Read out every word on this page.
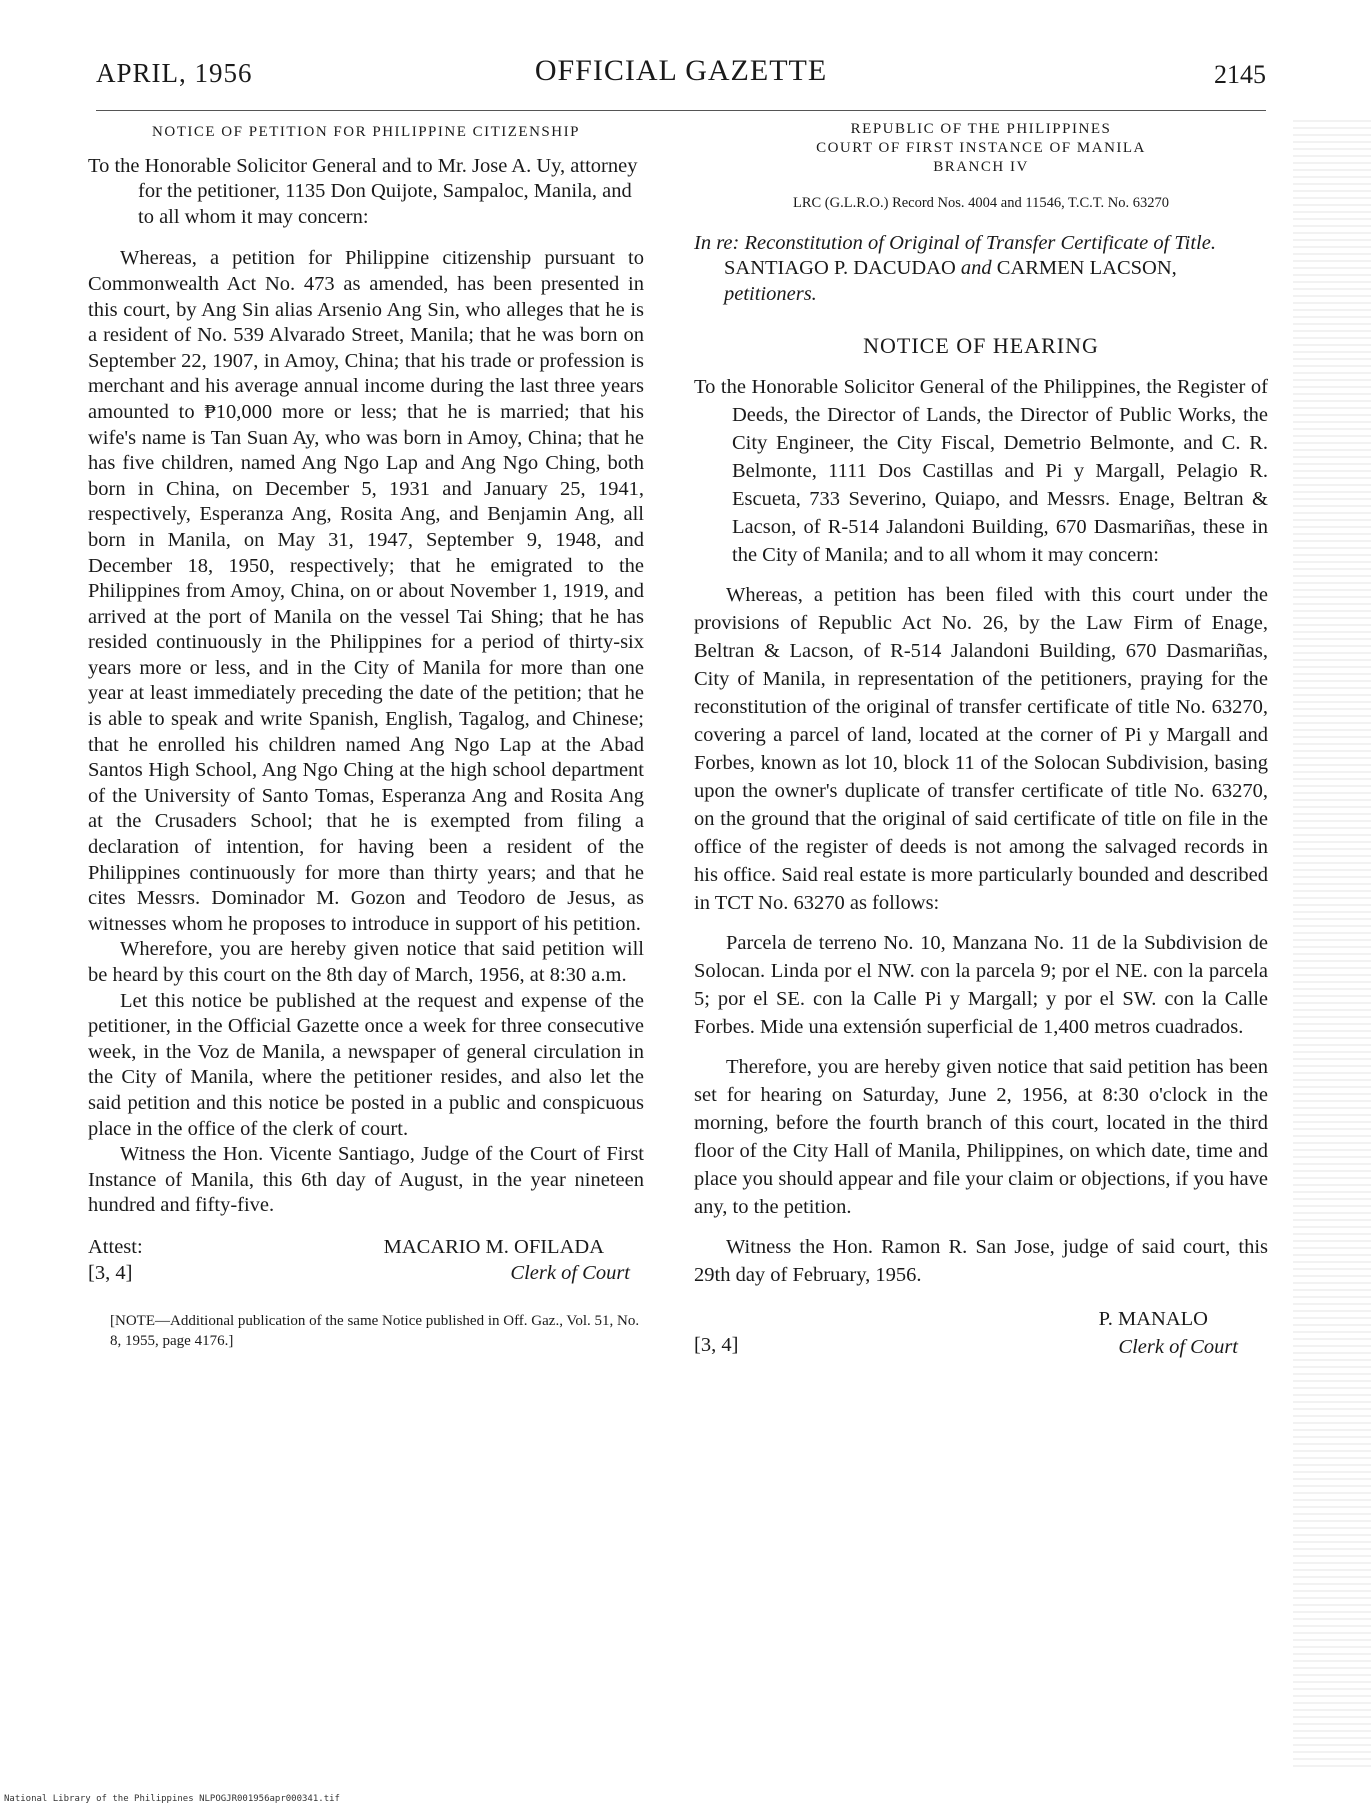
APRIL, 1956	OFFICIAL GAZETTE	2145
NOTICE OF PETITION FOR PHILIPPINE CITIZENSHIP

To the Honorable Solicitor General and to Mr. Jose A. Uy, attorney for the petitioner, 1135 Don Quijote, Sampaloc, Manila, and to all whom it may concern:

Whereas, a petition for Philippine citizenship pursuant to Commonwealth Act No. 473 as amended, has been presented in this court, by Ang Sin alias Arsenio Ang Sin, who alleges that he is a resident of No. 539 Alvarado Street, Manila; that he was born on September 22, 1907, in Amoy, China; that his trade or profession is merchant and his average annual income during the last three years amounted to ₱10,000 more or less; that he is married; that his wife's name is Tan Suan Ay, who was born in Amoy, China; that he has five children, named Ang Ngo Lap and Ang Ngo Ching, both born in China, on December 5, 1931 and January 25, 1941, respectively, Esperanza Ang, Rosita Ang, and Benjamin Ang, all born in Manila, on May 31, 1947, September 9, 1948, and December 18, 1950, respectively; that he emigrated to the Philippines from Amoy, China, on or about November 1, 1919, and arrived at the port of Manila on the vessel Tai Shing; that he has resided continuously in the Philippines for a period of thirty-six years more or less, and in the City of Manila for more than one year at least immediately preceding the date of the petition; that he is able to speak and write Spanish, English, Tagalog, and Chinese; that he enrolled his children named Ang Ngo Lap at the Abad Santos High School, Ang Ngo Ching at the high school department of the University of Santo Tomas, Esperanza Ang and Rosita Ang at the Crusaders School; that he is exempted from filing a declaration of intention, for having been a resident of the Philippines continuously for more than thirty years; and that he cites Messrs. Dominador M. Gozon and Teodoro de Jesus, as witnesses whom he proposes to introduce in support of his petition.

Wherefore, you are hereby given notice that said petition will be heard by this court on the 8th day of March, 1956, at 8:30 a.m.

Let this notice be published at the request and expense of the petitioner, in the Official Gazette once a week for three consecutive week, in the Voz de Manila, a newspaper of general circulation in the City of Manila, where the petitioner resides, and also let the said petition and this notice be posted in a public and conspicuous place in the office of the clerk of court.

Witness the Hon. Vicente Santiago, Judge of the Court of First Instance of Manila, this 6th day of August, in the year nineteen hundred and fifty-five.

Attest:
[3, 4]
MACARIO M. OFILADA
Clerk of Court

[NOTE—Additional publication of the same Notice published in Off. Gaz., Vol. 51, No. 8, 1955, page 4176.]

REPUBLIC OF THE PHILIPPINES
COURT OF FIRST INSTANCE OF MANILA
BRANCH IV

LRC (G.L.R.O.) Record Nos. 4004 and 11546, T.C.T. No. 63270

In re: Reconstitution of Original of Transfer Certificate of Title. SANTIAGO P. DACUDAO and CARMEN LACSON, petitioners.

NOTICE OF HEARING

To the Honorable Solicitor General of the Philippines, the Register of Deeds, the Director of Lands, the Director of Public Works, the City Engineer, the City Fiscal, Demetrio Belmonte, and C. R. Belmonte, 1111 Dos Castillas and Pi y Margall, Pelagio R. Escueta, 733 Severino, Quiapo, and Messrs. Enage, Beltran & Lacson, of R-514 Jalandoni Building, 670 Dasmariñas, these in the City of Manila; and to all whom it may concern:

Whereas, a petition has been filed with this court under the provisions of Republic Act No. 26, by the Law Firm of Enage, Beltran & Lacson, of R-514 Jalandoni Building, 670 Dasmariñas, City of Manila, in representation of the petitioners, praying for the reconstitution of the original of transfer certificate of title No. 63270, covering a parcel of land, located at the corner of Pi y Margall and Forbes, known as lot 10, block 11 of the Solocan Subdivision, basing upon the owner's duplicate of transfer certificate of title No. 63270, on the ground that the original of said certificate of title on file in the office of the register of deeds is not among the salvaged records in his office. Said real estate is more particularly bounded and described in TCT No. 63270 as follows:

Parcela de terreno No. 10, Manzana No. 11 de la Subdivision de Solocan. Linda por el NW. con la parcela 9; por el NE. con la parcela 5; por el SE. con la Calle Pi y Margall; y por el SW. con la Calle Forbes. Mide una extensión superficial de 1,400 metros cuadrados.

Therefore, you are hereby given notice that said petition has been set for hearing on Saturday, June 2, 1956, at 8:30 o'clock in the morning, before the fourth branch of this court, located in the third floor of the City Hall of Manila, Philippines, on which date, time and place you should appear and file your claim or objections, if you have any, to the petition.

Witness the Hon. Ramon R. San Jose, judge of said court, this 29th day of February, 1956.

[3, 4]
P. MANALO
Clerk of Court
National Library of the Philippines NLPOGJR001956apr000341.tif
